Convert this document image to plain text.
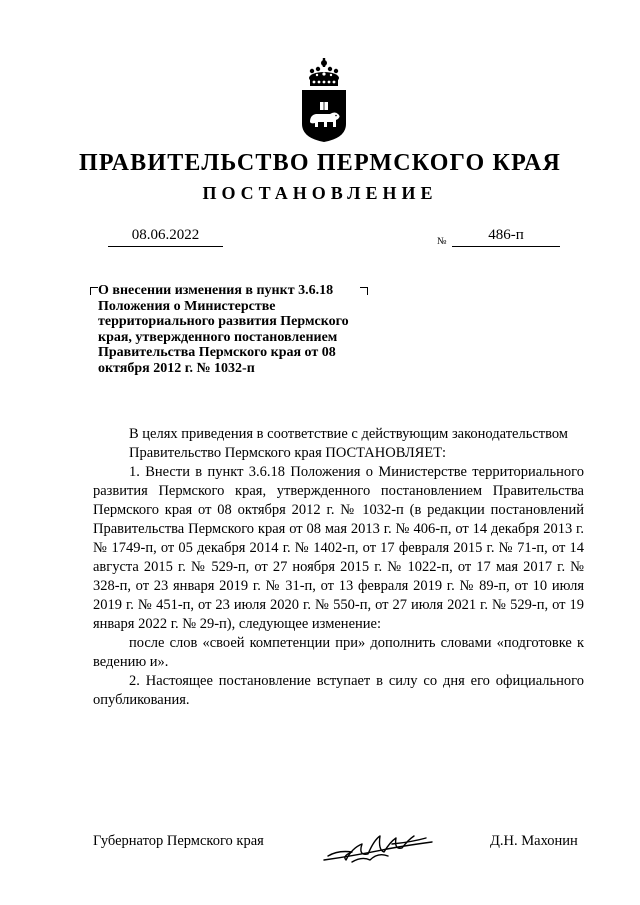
ПРАВИТЕЛЬСТВО ПЕРМСКОГО КРАЯ
ПОСТАНОВЛЕНИЕ
08.06.2022	№	486-п
О внесении изменения в пункт 3.6.18 Положения о Министерстве территориального развития Пермского края, утвержденного постановлением Правительства Пермского края от 08 октября 2012 г. № 1032-п

В целях приведения в соответствие с действующим законодательством

Правительство Пермского края ПОСТАНОВЛЯЕТ:

1. Внести в пункт 3.6.18 Положения о Министерстве территориального развития Пермского края, утвержденного постановлением Правительства Пермского края от 08 октября 2012 г. № 1032-п (в редакции постановлений Правительства Пермского края от 08 мая 2013 г. № 406-п, от 14 декабря 2013 г. № 1749-п, от 05 декабря 2014 г. № 1402-п, от 17 февраля 2015 г. № 71-п, от 14 августа 2015 г. № 529-п, от 27 ноября 2015 г. № 1022-п, от 17 мая 2017 г. № 328-п, от 23 января 2019 г. № 31-п, от 13 февраля 2019 г. № 89-п, от 10 июля 2019 г. № 451-п, от 23 июля 2020 г. № 550-п, от 27 июля 2021 г. № 529-п, от 19 января 2022 г. № 29-п), следующее изменение:

после слов «своей компетенции при» дополнить словами «подготовке к ведению и».

2. Настоящее постановление вступает в силу со дня его официального опубликования.

Губернатор Пермского края	Д.Н. Махонин
